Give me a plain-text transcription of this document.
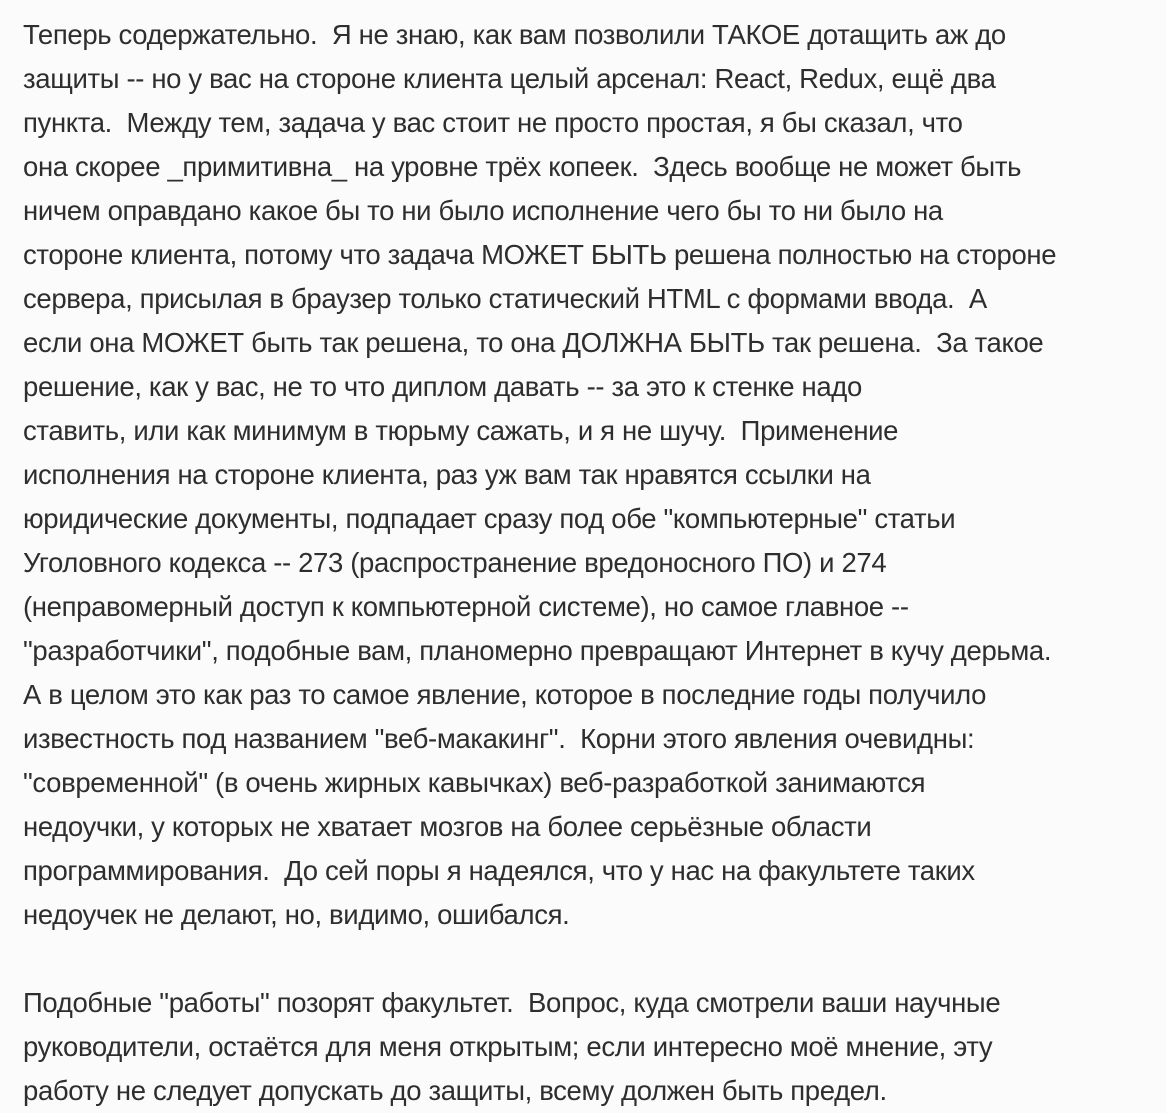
Теперь содержательно.  Я не знаю, как вам позволили ТАКОЕ дотащить аж до
защиты -- но у вас на стороне клиента целый арсенал: React, Redux, ещё два
пункта.  Между тем, задача у вас стоит не просто простая, я бы сказал, что
она скорее _примитивна_ на уровне трёх копеек.  Здесь вообще не может быть
ничем оправдано какое бы то ни было исполнение чего бы то ни было на
стороне клиента, потому что задача МОЖЕТ БЫТЬ решена полностью на стороне
сервера, присылая в браузер только статический HTML с формами ввода.  А
если она МОЖЕТ быть так решена, то она ДОЛЖНА БЫТЬ так решена.  За такое
решение, как у вас, не то что диплом давать -- за это к стенке надо
ставить, или как минимум в тюрьму сажать, и я не шучу.  Применение
исполнения на стороне клиента, раз уж вам так нравятся ссылки на
юридические документы, подпадает сразу под обе "компьютерные" статьи
Уголовного кодекса -- 273 (распространение вредоносного ПО) и 274
(неправомерный доступ к компьютерной системе), но самое главное --
"разработчики", подобные вам, планомерно превращают Интернет в кучу дерьма.
А в целом это как раз то самое явление, которое в последние годы получило
известность под названием "веб-макакинг".  Корни этого явления очевидны:
"современной" (в очень жирных кавычках) веб-разработкой занимаются
недоучки, у которых не хватает мозгов на более серьёзные области
программирования.  До сей поры я надеялся, что у нас на факультете таких
недоучек не делают, но, видимо, ошибался.
Подобные "работы" позорят факультет.  Вопрос, куда смотрели ваши научные
руководители, остаётся для меня открытым; если интересно моё мнение, эту
работу не следует допускать до защиты, всему должен быть предел.
